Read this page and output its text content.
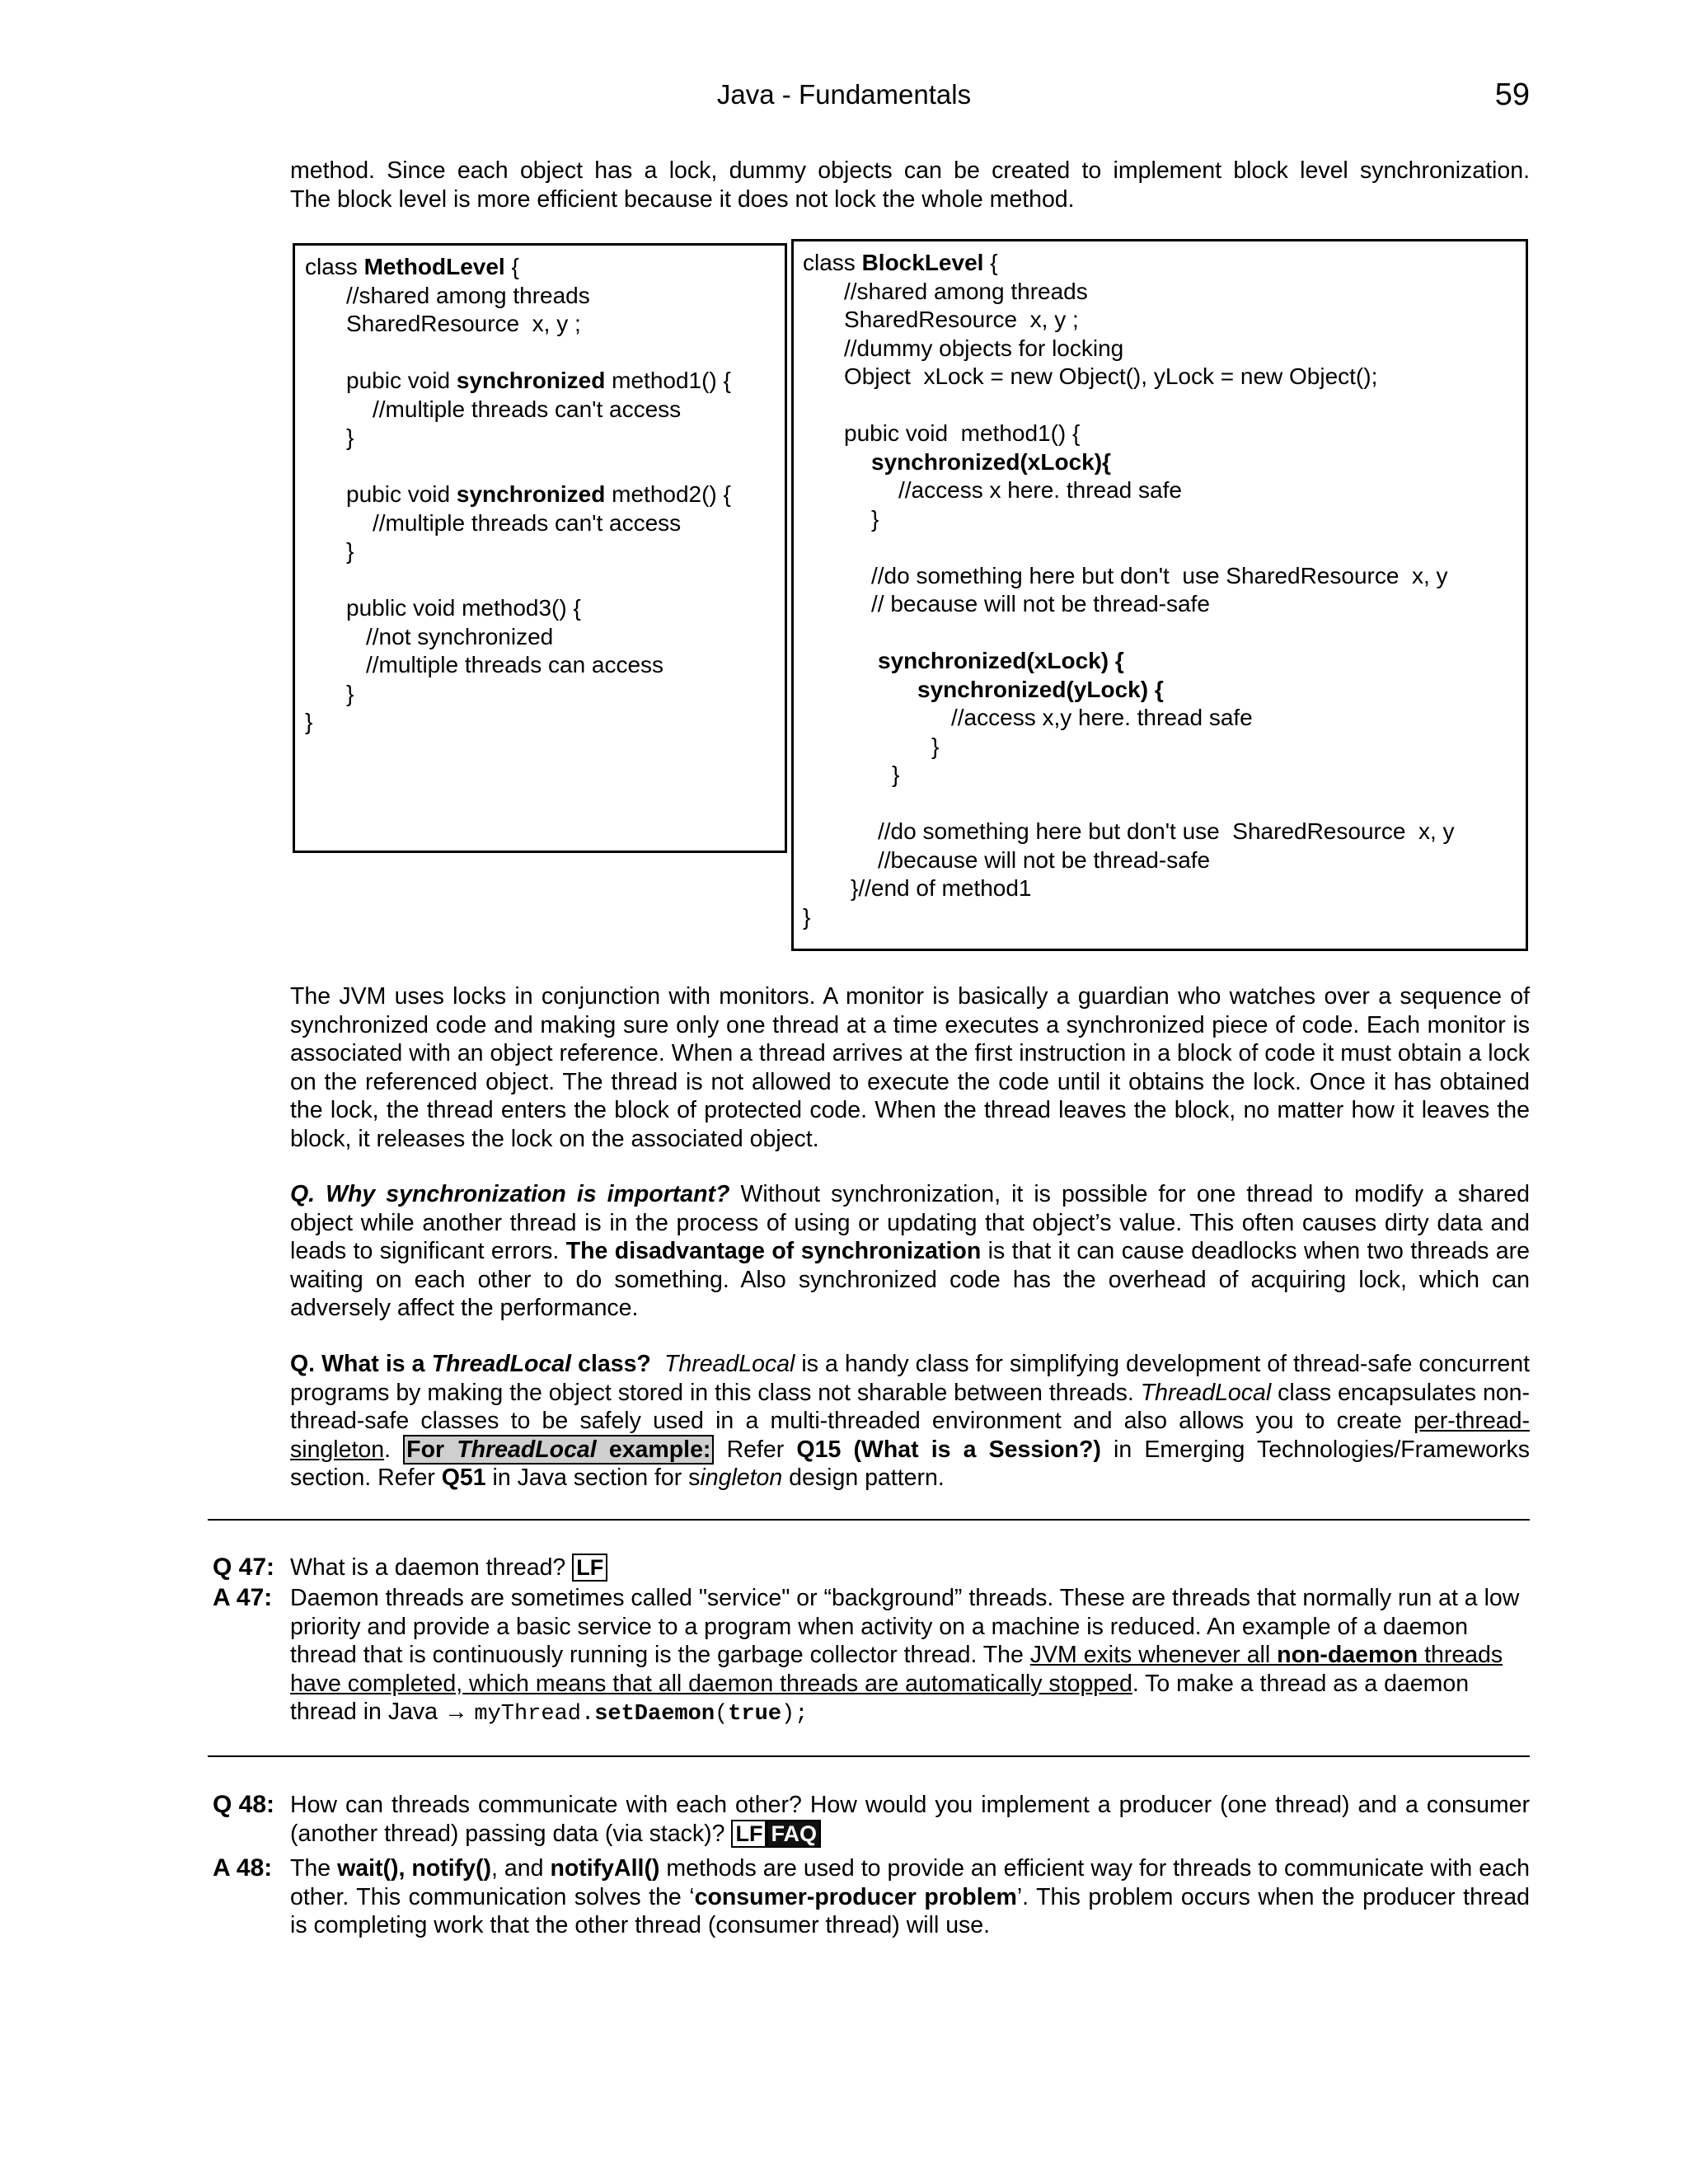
Java - Fundamentals	59
method. Since each object has a lock, dummy objects can be created to implement block level synchronization.
The block level is more efficient because it does not lock the whole method.
class MethodLevel {
//shared among threads
SharedResource  x, y ;
pubic void synchronized method1() {
//multiple threads can't access
}
pubic void synchronized method2() {
//multiple threads can't access
}
public void method3() {
//not synchronized
//multiple threads can access
}
}
class BlockLevel {
//shared among threads
SharedResource  x, y ;
//dummy objects for locking
Object  xLock = new Object(), yLock = new Object();
pubic void  method1() {
synchronized(xLock){
//access x here. thread safe
}
//do something here but don't  use SharedResource  x, y
// because will not be thread-safe
synchronized(xLock) {
synchronized(yLock) {
//access x,y here. thread safe
}
}
//do something here but don't use  SharedResource  x, y
//because will not be thread-safe
}//end of method1
}

The JVM uses locks in conjunction with monitors. A monitor is basically a guardian who watches over a sequence of synchronized code and making sure only one thread at a time executes a synchronized piece of code. Each monitor is associated with an object reference. When a thread arrives at the first instruction in a block of code it must obtain a lock on the referenced object. The thread is not allowed to execute the code until it obtains the lock. Once it has obtained the lock, the thread enters the block of protected code. When the thread leaves the block, no matter how it leaves the block, it releases the lock on the associated object.

Q. Why synchronization is important? Without synchronization, it is possible for one thread to modify a shared object while another thread is in the process of using or updating that object’s value. This often causes dirty data and leads to significant errors. The disadvantage of synchronization is that it can cause deadlocks when two threads are waiting on each other to do something. Also synchronized code has the overhead of acquiring lock, which can adversely affect the performance.

Q. What is a ThreadLocal class? ThreadLocal is a handy class for simplifying development of thread-safe concurrent programs by making the object stored in this class not sharable between threads. ThreadLocal class encapsulates non-thread-safe classes to be safely used in a multi-threaded environment and also allows you to create per-thread-singleton. For ThreadLocal example: Refer Q15 (What is a Session?) in Emerging Technologies/Frameworks section. Refer Q51 in Java section for singleton design pattern.

Q 47: What is a daemon thread? LF
A 47: Daemon threads are sometimes called "service" or “background” threads. These are threads that normally run at a low priority and provide a basic service to a program when activity on a machine is reduced. An example of a daemon thread that is continuously running is the garbage collector thread. The JVM exits whenever all non-daemon threads have completed, which means that all daemon threads are automatically stopped. To make a thread as a daemon thread in Java → myThread.setDaemon(true);

Q 48: How can threads communicate with each other? How would you implement a producer (one thread) and a consumer (another thread) passing data (via stack)? LF FAQ

A 48: The wait(), notify(), and notifyAll() methods are used to provide an efficient way for threads to communicate with each other. This communication solves the ‘consumer-producer problem’. This problem occurs when the producer thread is completing work that the other thread (consumer thread) will use.
